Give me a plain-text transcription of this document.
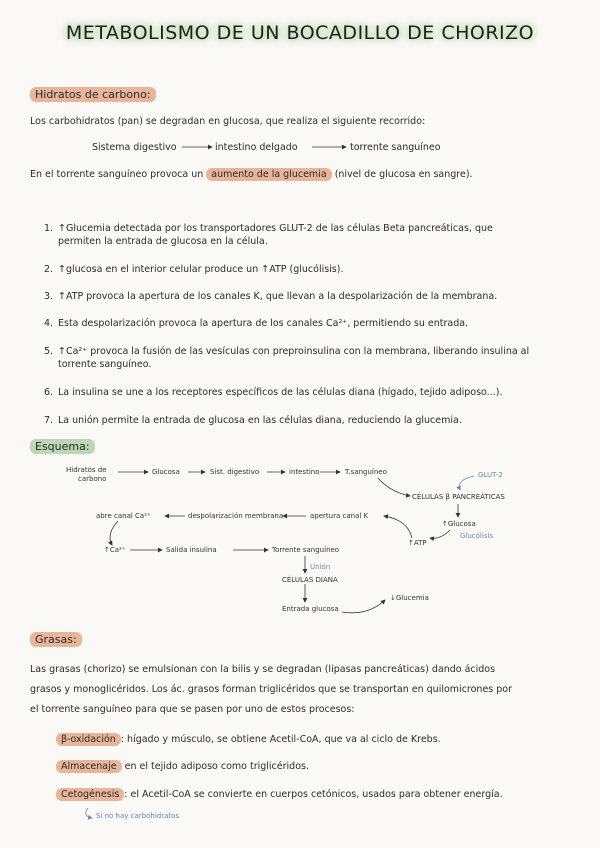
METABOLISMO DE UN BOCADILLO DE CHORIZO
Hidratos de carbono:
Los carbohidratos (pan) se degradan en glucosa, que realiza el siguiente recorrido:
Sistema digestivo	intestino delgado	torrente sanguíneo
En el torrente sanguíneo provoca un aumento de la glucemia (nivel de glucosa en sangre).
1. ↑Glucemia detectada por los transportadores GLUT-2 de las células Beta pancreáticas, que
permiten la entrada de glucosa en la célula.
2. ↑glucosa en el interior celular produce un ↑ATP (glucólisis).
3. ↑ATP provoca la apertura de los canales K, que llevan a la despolarización de la membrana.
4. Esta despolarización provoca la apertura de los canales Ca²⁺, permitiendo su entrada.
5. ↑Ca²⁺ provoca la fusión de las vesículas con preproinsulina con la membrana, liberando insulina al
torrente sanguíneo.
6. La insulina se une a los receptores específicos de las células diana (hígado, tejido adiposo...).
7. La unión permite la entrada de glucosa en las células diana, reduciendo la glucemia.
Esquema:
Hidratos de
carbono
Glucosa	Sist. digestivo	intestino	T.sanguíneo	GLUT-2
CÉLULAS β PANCREÁTICAS
↑Glucosa
Glucólisis
↑ATP
apertura canal K
despolarización membrana
abre canal Ca²⁺
↑Ca²⁺	Salida insulina	Torrente sanguíneo
Unión
CÉLULAS DIANA
Entrada glucosa
↓Glucemia
Grasas:
Las grasas (chorizo) se emulsionan con la bilis y se degradan (lipasas pancreáticas) dando ácidos
grasos y monoglicéridos. Los ác. grasos forman triglicéridos que se transportan en quilomicrones por
el torrente sanguíneo para que se pasen por uno de estos procesos:
β-oxidación : hígado y músculo, se obtiene Acetil-CoA, que va al ciclo de Krebs.
Almacenaje en el tejido adiposo como triglicéridos.
Cetogénesis : el Acetil-CoA se convierte en cuerpos cetónicos, usados para obtener energía.
Si no hay carbohidratos
